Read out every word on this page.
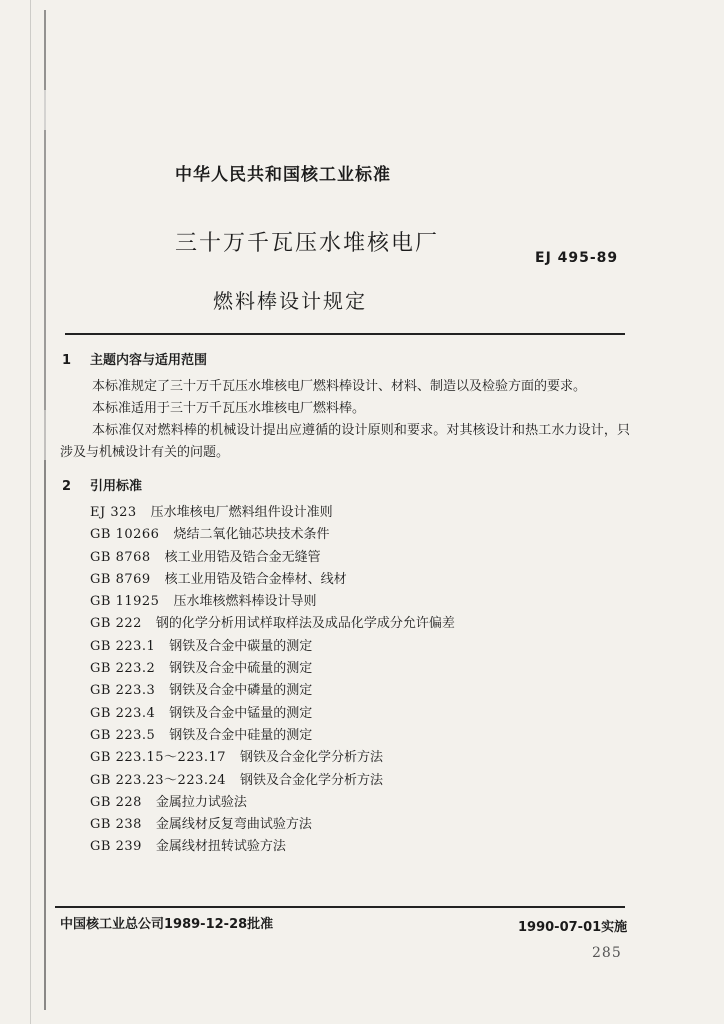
中华人民共和国核工业标准
三十万千瓦压水堆核电厂
EJ 495-89
燃料棒设计规定
1 主题内容与适用范围

本标准规定了三十万千瓦压水堆核电厂燃料棒设计、材料、制造以及检验方面的要求。

本标准适用于三十万千瓦压水堆核电厂燃料棒。

本标准仅对燃料棒的机械设计提出应遵循的设计原则和要求。对其核设计和热工水力设计，只涉及与机械设计有关的问题。

2 引用标准
EJ 323 压水堆核电厂燃料组件设计准则
GB 10266 烧结二氧化铀芯块技术条件
GB 8768 核工业用锆及锆合金无缝管
GB 8769 核工业用锆及锆合金棒材、线材
GB 11925 压水堆核燃料棒设计导则
GB 222 钢的化学分析用试样取样法及成品化学成分允许偏差
GB 223.1 钢铁及合金中碳量的测定
GB 223.2 钢铁及合金中硫量的测定
GB 223.3 钢铁及合金中磷量的测定
GB 223.4 钢铁及合金中锰量的测定
GB 223.5 钢铁及合金中硅量的测定
GB 223.15～223.17 钢铁及合金化学分析方法
GB 223.23～223.24 钢铁及合金化学分析方法
GB 228 金属拉力试验法
GB 238 金属线材反复弯曲试验方法
GB 239 金属线材扭转试验方法
中国核工业总公司1989-12-28批准	1990-07-01实施
285
